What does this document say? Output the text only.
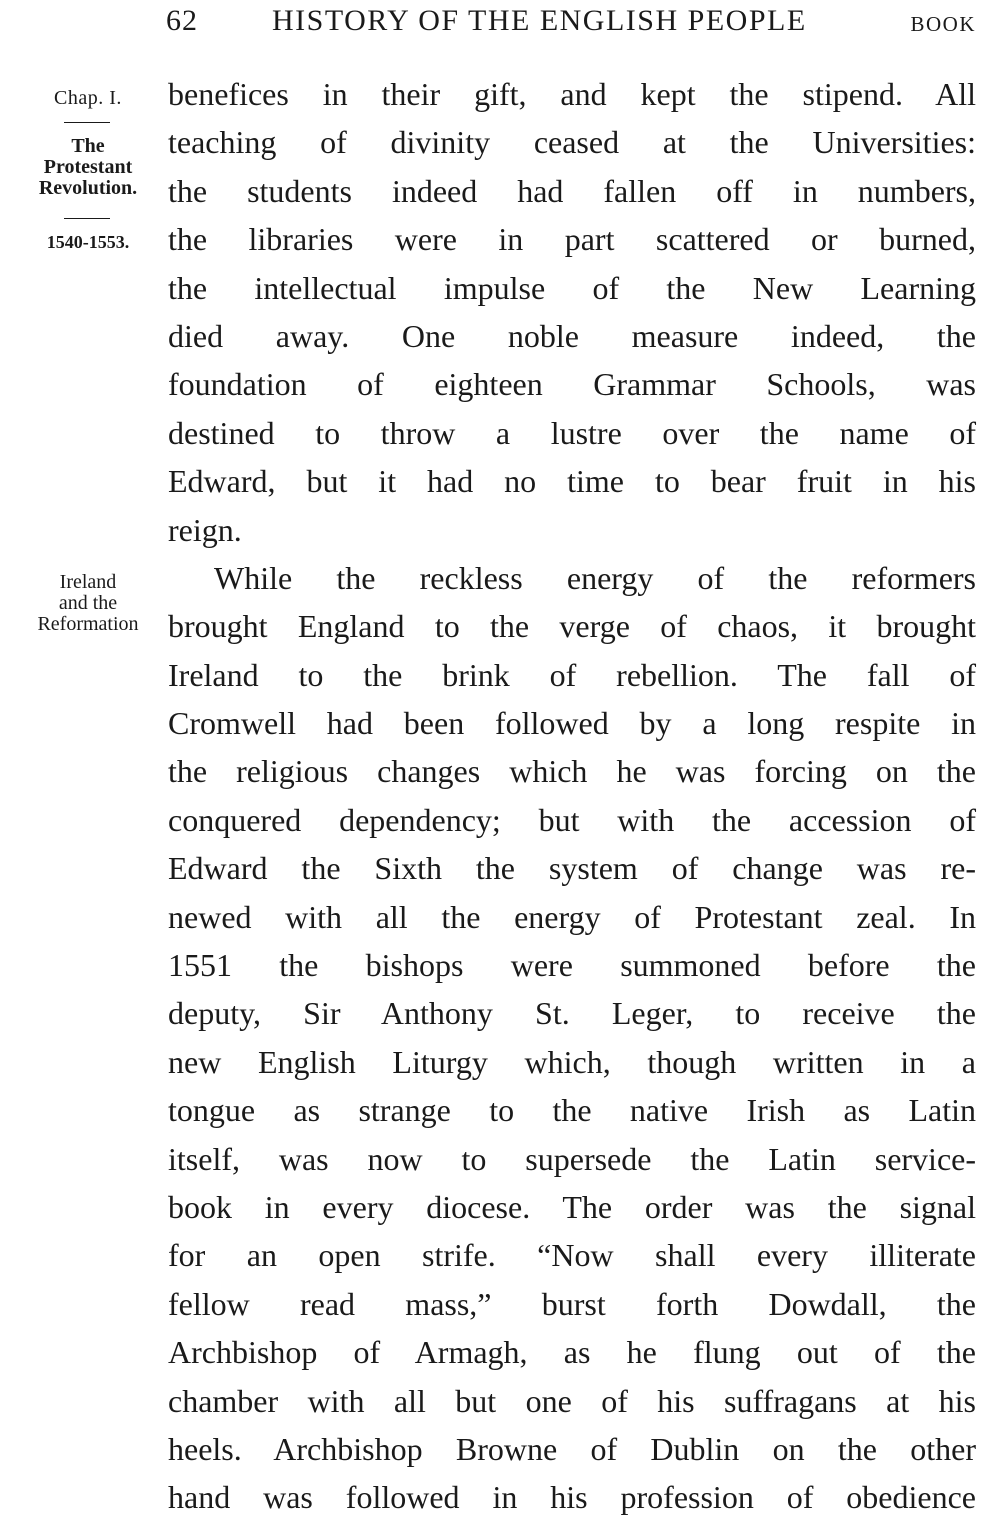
62 HISTORY OF THE ENGLISH PEOPLE	BOOK
Chap. I.
The
Protestant
Revolution.
1540-1553.
Ireland
and the
Reformation
benefices in their gift, and kept the stipend. All
teaching of divinity ceased at the Universities:
the students indeed had fallen off in numbers,
the libraries were in part scattered or burned,
the intellectual impulse of the New Learning
died away. One noble measure indeed, the
foundation of eighteen Grammar Schools, was
destined to throw a lustre over the name of
Edward, but it had no time to bear fruit in his
reign.
While the reckless energy of the reformers
brought England to the verge of chaos, it brought
Ireland to the brink of rebellion. The fall of
Cromwell had been followed by a long respite in
the religious changes which he was forcing on the
conquered dependency; but with the accession of
Edward the Sixth the system of change was re-
newed with all the energy of Protestant zeal. In
1551 the bishops were summoned before the
deputy, Sir Anthony St. Leger, to receive the
new English Liturgy which, though written in a
tongue as strange to the native Irish as Latin
itself, was now to supersede the Latin service-
book in every diocese. The order was the signal
for an open strife. “Now shall every illiterate
fellow read mass,” burst forth Dowdall, the
Archbishop of Armagh, as he flung out of the
chamber with all but one of his suffragans at his
heels. Archbishop Browne of Dublin on the other
hand was followed in his profession of obedience
